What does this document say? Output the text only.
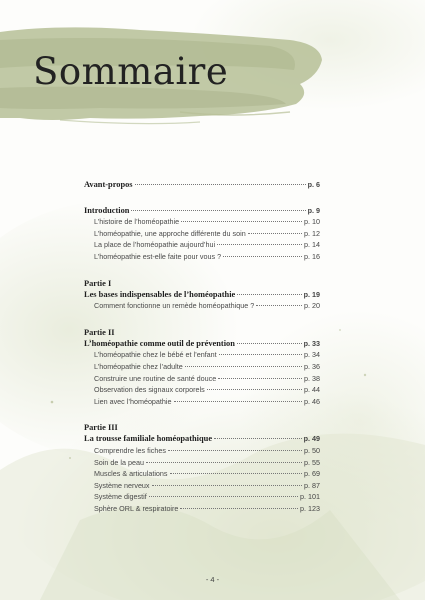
Sommaire
Avant-propos	p. 6
Introduction	p. 9
L’histoire de l’homéopathie	p. 10
L’homéopathie, une approche différente du soin	p. 12
La place de l’homéopathie aujourd’hui	p. 14
L’homéopathie est-elle faite pour vous ?	p. 16
Partie I
Les bases indispensables de l’homéopathie	p. 19
Comment fonctionne un remède homéopathique ?	p. 20
Partie II
L’homéopathie comme outil de prévention	p. 33
L’homéopathie chez le bébé et l’enfant	p. 34
L’homéopathie chez l’adulte	p. 36
Construire une routine de santé douce	p. 38
Observation des signaux corporels	p. 44
Lien avec l’homéopathie	p. 46
Partie III
La trousse familiale homéopathique	p. 49
Comprendre les fiches	p. 50
Soin de la peau	p. 55
Muscles & articulations	p. 69
Système nerveux	p. 87
Système digestif	p. 101
Sphère ORL & respiratoire	p. 123
- 4 -
